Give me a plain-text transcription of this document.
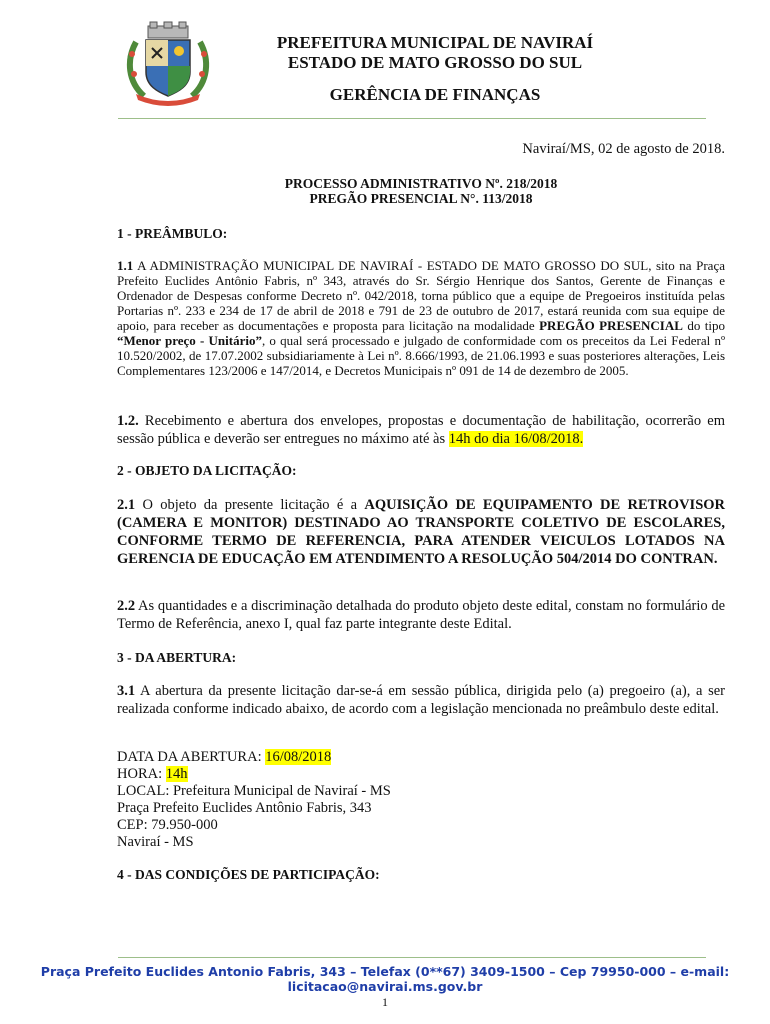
PREFEITURA MUNICIPAL DE NAVIRAÍ
ESTADO DE MATO GROSSO DO SUL
GERÊNCIA DE FINANÇAS
Naviraí/MS, 02 de agosto de 2018.
PROCESSO ADMINISTRATIVO Nº. 218/2018
PREGÃO PRESENCIAL N°. 113/2018
1 - PREÂMBULO:
1.1 A ADMINISTRAÇÃO MUNICIPAL DE NAVIRAÍ - ESTADO DE MATO GROSSO DO SUL, sito na Praça Prefeito Euclides Antônio Fabris, nº 343, através do Sr. Sérgio Henrique dos Santos, Gerente de Finanças e Ordenador de Despesas conforme Decreto nº. 042/2018, torna público que a equipe de Pregoeiros instituída pelas Portarias nº. 233 e 234 de 17 de abril de 2018 e 791 de 23 de outubro de 2017, estará reunida com sua equipe de apoio, para receber as documentações e proposta para licitação na modalidade PREGÃO PRESENCIAL do tipo “Menor preço - Unitário”, o qual será processado e julgado de conformidade com os preceitos da Lei Federal nº 10.520/2002, de 17.07.2002 subsidiariamente à Lei nº. 8.666/1993, de 21.06.1993 e suas posteriores alterações, Leis Complementares 123/2006 e 147/2014, e Decretos Municipais nº 091 de 14 de dezembro de 2005.
1.2. Recebimento e abertura dos envelopes, propostas e documentação de habilitação, ocorrerão em sessão pública e deverão ser entregues no máximo até às 14h do dia 16/08/2018.
2 - OBJETO DA LICITAÇÃO:
2.1 O objeto da presente licitação é a AQUISIÇÃO DE EQUIPAMENTO DE RETROVISOR (CAMERA E MONITOR) DESTINADO AO TRANSPORTE COLETIVO DE ESCOLARES, CONFORME TERMO DE REFERENCIA, PARA ATENDER VEICULOS LOTADOS NA GERENCIA DE EDUCAÇÃO EM ATENDIMENTO A RESOLUÇÃO 504/2014 DO CONTRAN.
2.2 As quantidades e a discriminação detalhada do produto objeto deste edital, constam no formulário de Termo de Referência, anexo I, qual faz parte integrante deste Edital.
3 - DA ABERTURA:
3.1 A abertura da presente licitação dar-se-á em sessão pública, dirigida pelo (a) pregoeiro (a), a ser realizada conforme indicado abaixo, de acordo com a legislação mencionada no preâmbulo deste edital.
DATA DA ABERTURA: 16/08/2018
HORA: 14h
LOCAL: Prefeitura Municipal de Naviraí - MS
Praça Prefeito Euclides Antônio Fabris, 343
CEP: 79.950-000
Naviraí - MS
4 - DAS CONDIÇÕES DE PARTICIPAÇÃO:
Praça Prefeito Euclides Antonio Fabris, 343 – Telefax (0**67) 3409-1500 – Cep 79950-000 – e-mail:
licitacao@navirai.ms.gov.br
1
